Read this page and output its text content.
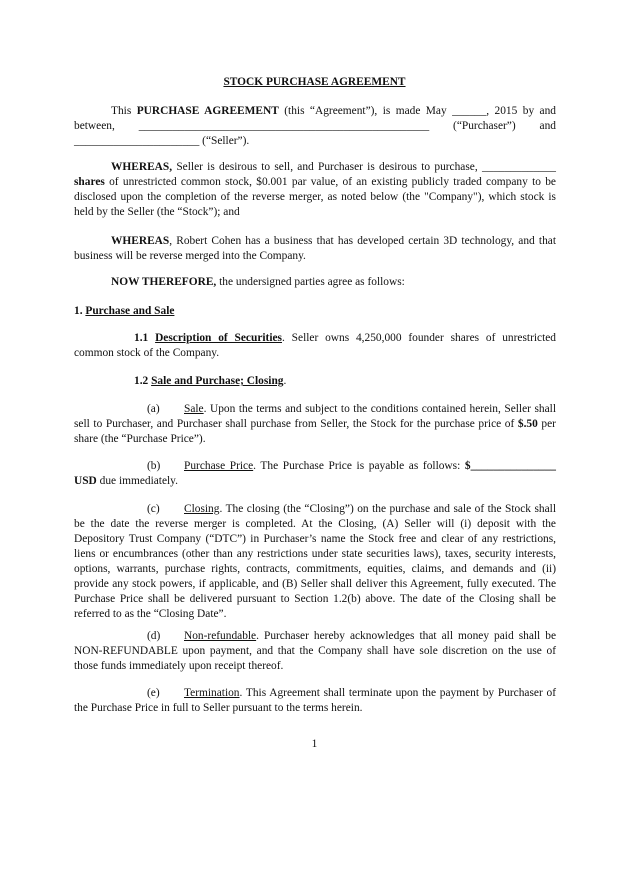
STOCK PURCHASE AGREEMENT

This PURCHASE AGREEMENT (this “Agreement”), is made May ______, 2015 by and between, ___________________________________________________ (“Purchaser”) and ______________________ (“Seller”).

WHEREAS, Seller is desirous to sell, and Purchaser is desirous to purchase, _____________ shares of unrestricted common stock, $0.001 par value, of an existing publicly traded company to be disclosed upon the completion of the reverse merger, as noted below (the "Company"), which stock is held by the Seller (the “Stock”); and

WHEREAS, Robert Cohen has a business that has developed certain 3D technology, and that business will be reverse merged into the Company.

NOW THEREFORE, the undersigned parties agree as follows:

1. Purchase and Sale

1.1 Description of Securities. Seller owns 4,250,000 founder shares of unrestricted common stock of the Company.

1.2 Sale and Purchase; Closing.

(a) Sale. Upon the terms and subject to the conditions contained herein, Seller shall sell to Purchaser, and Purchaser shall purchase from Seller, the Stock for the purchase price of $.50 per share (the “Purchase Price”).

(b) Purchase Price. The Purchase Price is payable as follows: $_______________ USD due immediately.

(c) Closing. The closing (the “Closing”) on the purchase and sale of the Stock shall be the date the reverse merger is completed. At the Closing, (A) Seller will (i) deposit with the Depository Trust Company (“DTC”) in Purchaser’s name the Stock free and clear of any restrictions, liens or encumbrances (other than any restrictions under state securities laws), taxes, security interests, options, warrants, purchase rights, contracts, commitments, equities, claims, and demands and (ii) provide any stock powers, if applicable, and (B) Seller shall deliver this Agreement, fully executed. The Purchase Price shall be delivered pursuant to Section 1.2(b) above. The date of the Closing shall be referred to as the “Closing Date”.

(d) Non-refundable. Purchaser hereby acknowledges that all money paid shall be NON-REFUNDABLE upon payment, and that the Company shall have sole discretion on the use of those funds immediately upon receipt thereof.

(e) Termination. This Agreement shall terminate upon the payment by Purchaser of the Purchase Price in full to Seller pursuant to the terms herein.

1
